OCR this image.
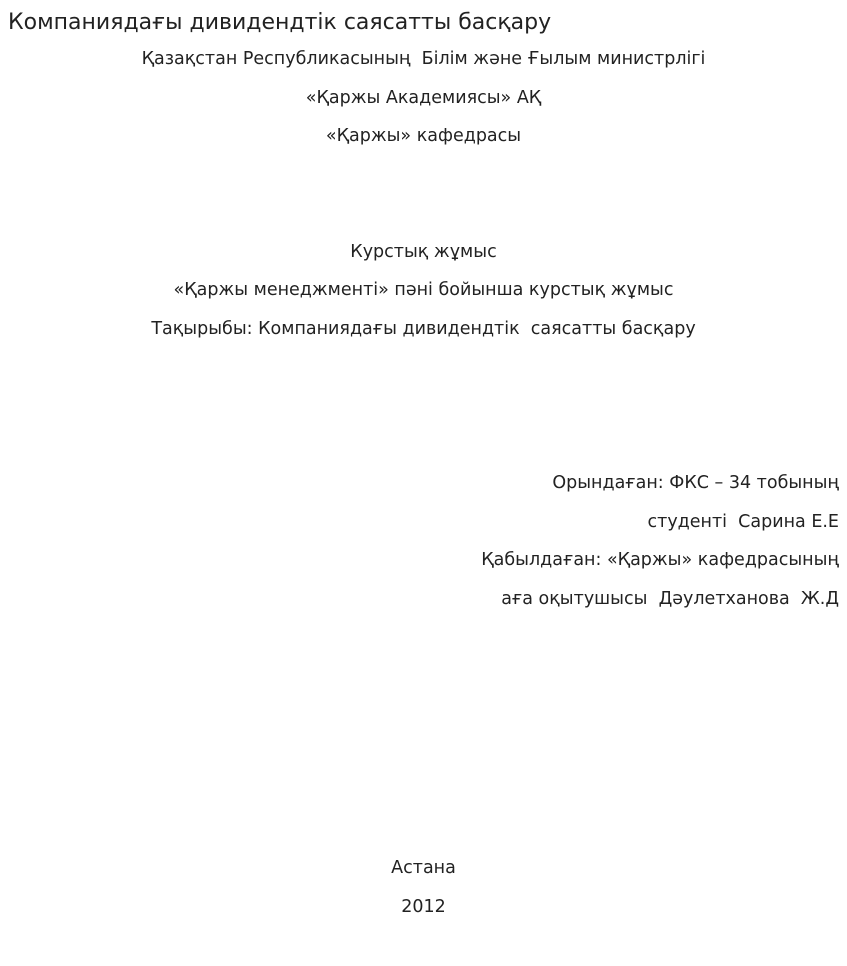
Компаниядағы дивидендтік саясатты басқару
Қазақстан Республикасының  Білім және Ғылым министрлігі
«Қаржы Академиясы» АҚ
«Қаржы» кафедрасы
Курстық жұмыс
«Қаржы менеджменті» пәні бойынша курстық жұмыс
Тақырыбы: Компаниядағы дивидендтік  саясатты басқару
Орындаған: ФКС – 34 тобының
студенті  Сарина Е.Е
Қабылдаған: «Қаржы» кафедрасының
аға оқытушысы  Дәулетханова  Ж.Д
Астана
2012
